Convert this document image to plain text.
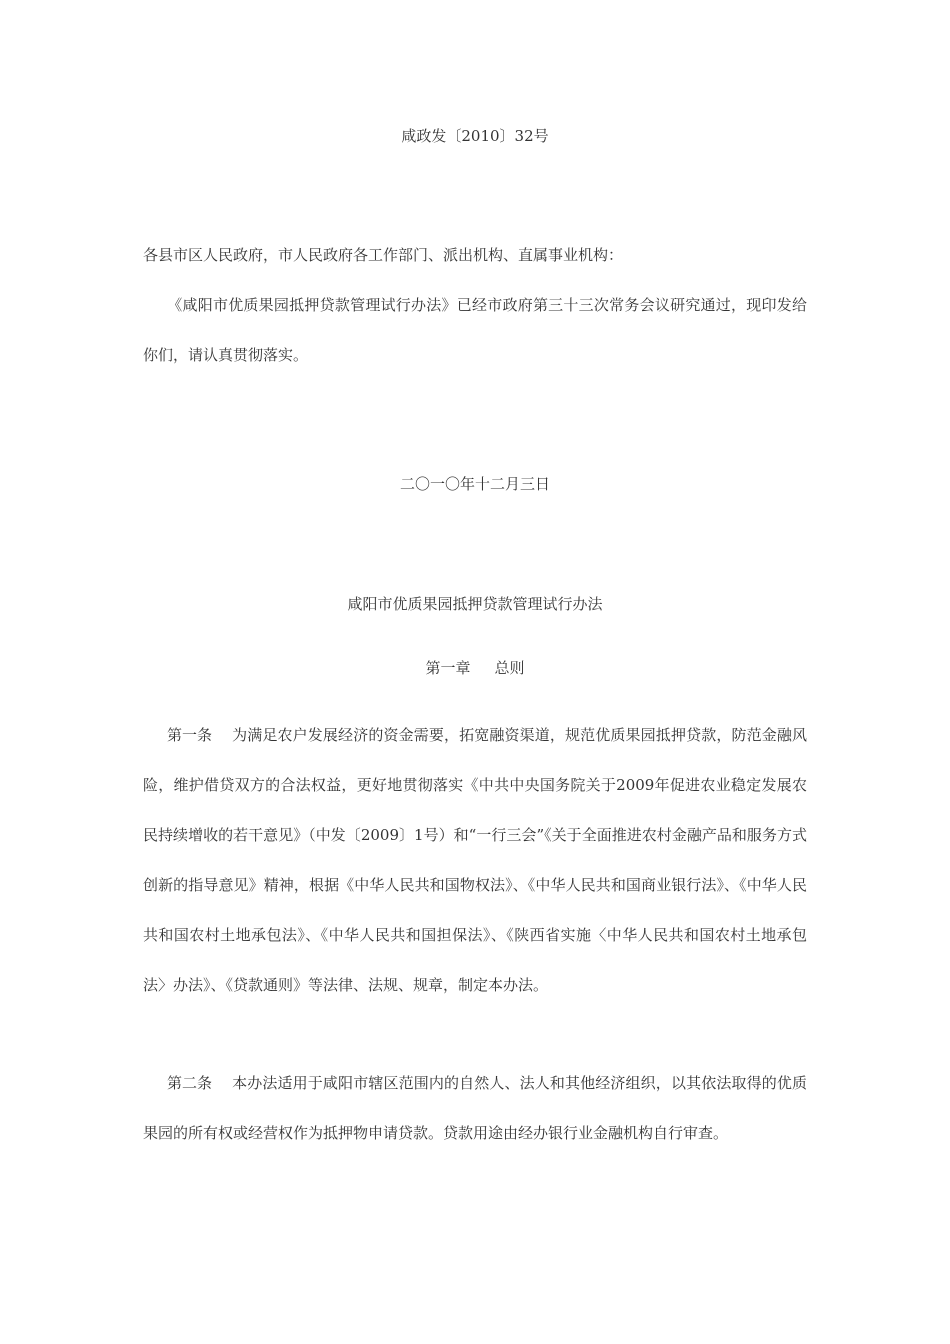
咸政发〔2010〕32号

各县市区人民政府，市人民政府各工作部门、派出机构、直属事业机构：

《咸阳市优质果园抵押贷款管理试行办法》已经市政府第三十三次常务会议研究通过，现印发给你们，请认真贯彻落实。

二〇一〇年十二月三日
咸阳市优质果园抵押贷款管理试行办法
第一章 总则

第一条 为满足农户发展经济的资金需要，拓宽融资渠道，规范优质果园抵押贷款，防范金融风险，维护借贷双方的合法权益，更好地贯彻落实《中共中央国务院关于2009年促进农业稳定发展农民持续增收的若干意见》（中发〔2009〕1号）和“一行三会”《关于全面推进农村金融产品和服务方式创新的指导意见》精神，根据《中华人民共和国物权法》、《中华人民共和国商业银行法》、《中华人民共和国农村土地承包法》、《中华人民共和国担保法》、《陕西省实施〈中华人民共和国农村土地承包法〉办法》、《贷款通则》等法律、法规、规章，制定本办法。

第二条 本办法适用于咸阳市辖区范围内的自然人、法人和其他经济组织，以其依法取得的优质果园的所有权或经营权作为抵押物申请贷款。贷款用途由经办银行业金融机构自行审查。
